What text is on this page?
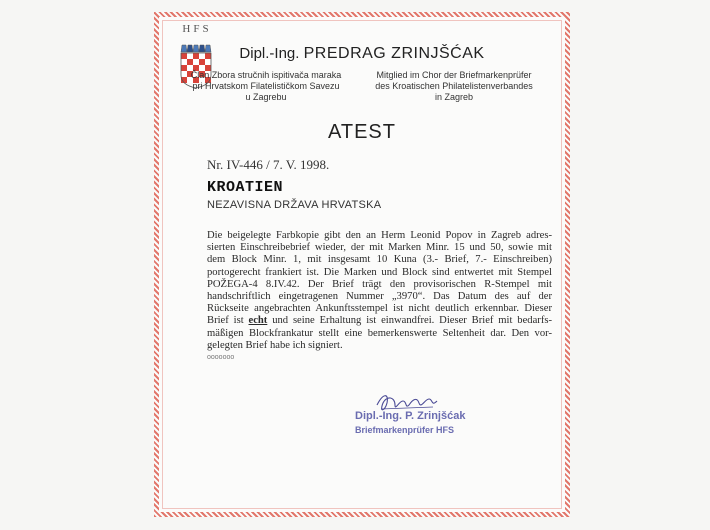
HFS
Dipl.-Ing. PREDRAG ZRINJŠĆAK
Član Zbora stručnih ispitivača maraka
pri Hrvatskom Filatelističkom Savezu
u Zagrebu
Mitglied im Chor der Briefmarkenprüfer
des Kroatischen Philatelistenverbandes
in Zagreb
ATEST
Nr. IV-446 / 7. V. 1998.
KROATIEN
NEZAVISNA DRŽAVA HRVATSKA
Die beigelegte Farbkopie gibt den an Herm Leonid Popov in Zagreb adres-
sierten Einschreibebrief wieder, der mit Marken Minr. 15 und 50, sowie mit
dem Block Minr. 1, mit insgesamt 10 Kuna (3.- Brief, 7.- Einschreiben)
portogerecht frankiert ist. Die Marken und Block sind entwertet mit Stempel
POŽEGA-4 8.IV.42. Der Brief trägt den provisorischen R-Stempel mit
handschriftlich eingetragenen Nummer „3970“. Das Datum des auf der
Rückseite angebrachten Ankunftsstempel ist nicht deutlich erkennbar. Dieser
Brief ist echt und seine Erhaltung ist einwandfrei. Dieser Brief mit bedarfs-
mäßigen Blockfrankatur stellt eine bemerkenswerte Seltenheit dar. Den vor-
gelegten Brief habe ich signiert.
ooooooo
Dipl.-Ing. P. Zrinjšćak
Briefmarkenprüfer HFS
